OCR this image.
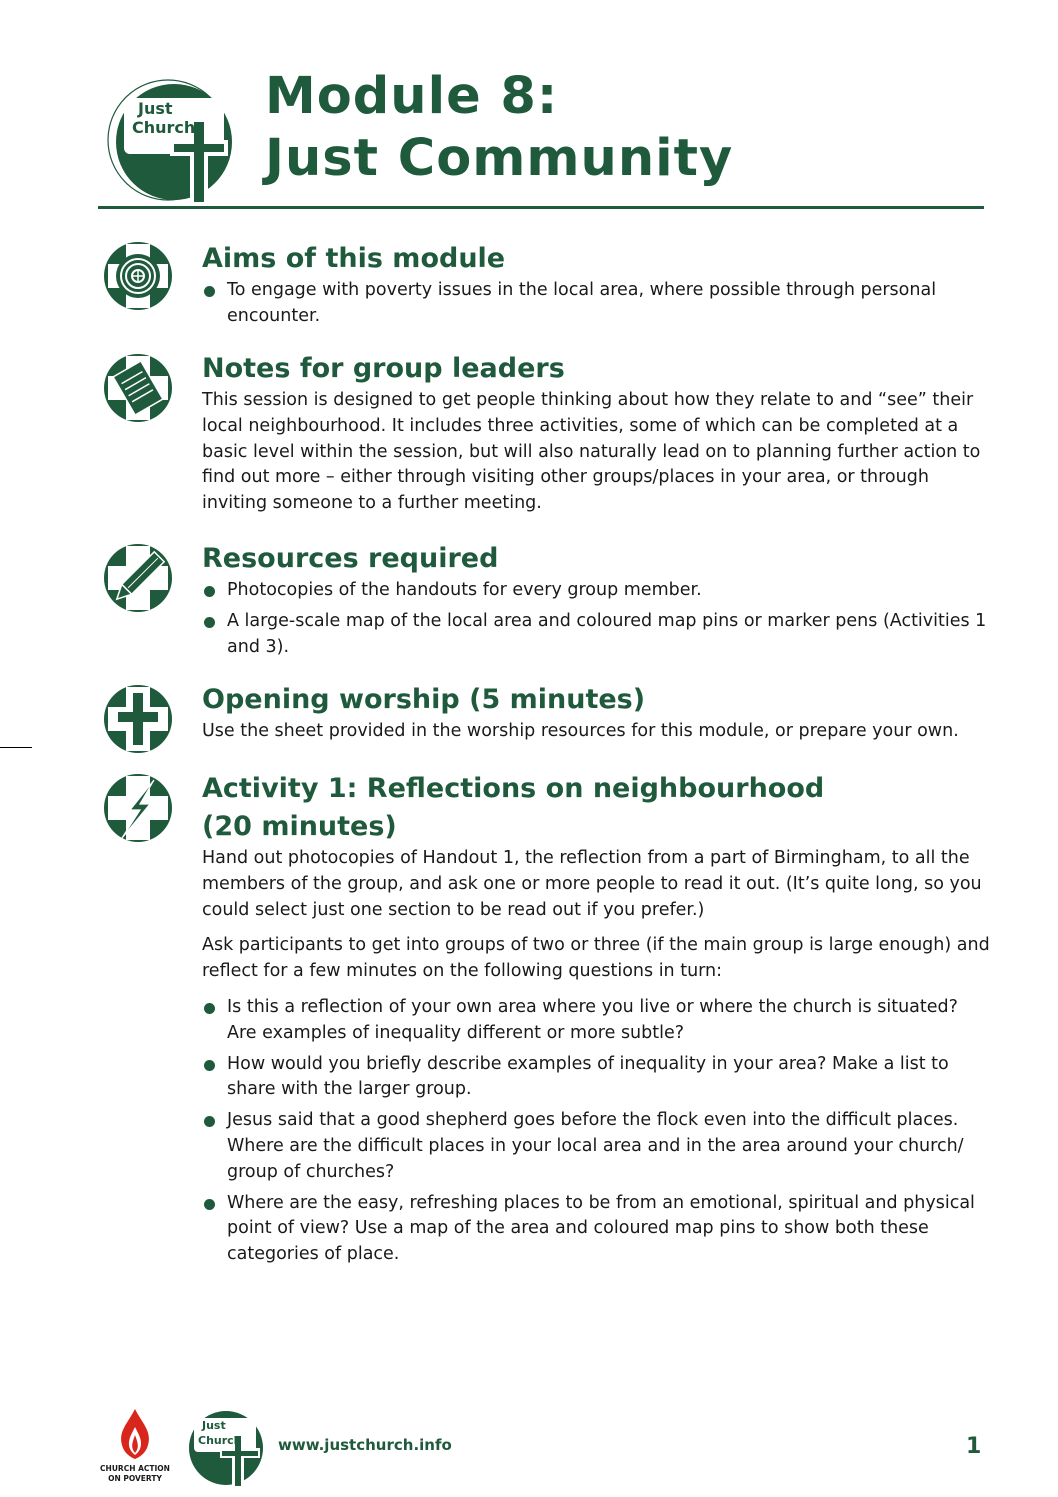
Just
Church
Module 8:
Just Community
Aims of this module
To engage with poverty issues in the local area, where possible through personal encounter.
Notes for group leaders

This session is designed to get people thinking about how they relate to and “see” their local neighbourhood. It includes three activities, some of which can be completed at a basic level within the session, but will also naturally lead on to planning further action to find out more – either through visiting other groups/places in your area, or through inviting someone to a further meeting.

Resources required
Photocopies of the handouts for every group member.
A large-scale map of the local area and coloured map pins or marker pens (Activities 1 and 3).
Opening worship (5 minutes)

Use the sheet provided in the worship resources for this module, or prepare your own.

Activity 1: Reflections on neighbourhood
(20 minutes)

Hand out photocopies of Handout 1, the reflection from a part of Birmingham, to all the members of the group, and ask one or more people to read it out. (It’s quite long, so you could select just one section to be read out if you prefer.)

Ask participants to get into groups of two or three (if the main group is large enough) and reflect for a few minutes on the following questions in turn:

Is this a reflection of your own area where you live or where the church is situated? Are examples of inequality different or more subtle?
How would you briefly describe examples of inequality in your area? Make a list to share with the larger group.
Jesus said that a good shepherd goes before the flock even into the difficult places. Where are the difficult places in your local area and in the area around your church/ group of churches?
Where are the easy, refreshing places to be from an emotional, spiritual and physical point of view? Use a map of the area and coloured map pins to show both these categories of place.
CHURCH ACTION
ON POVERTY
Just
Church www.justchurch.info	1
